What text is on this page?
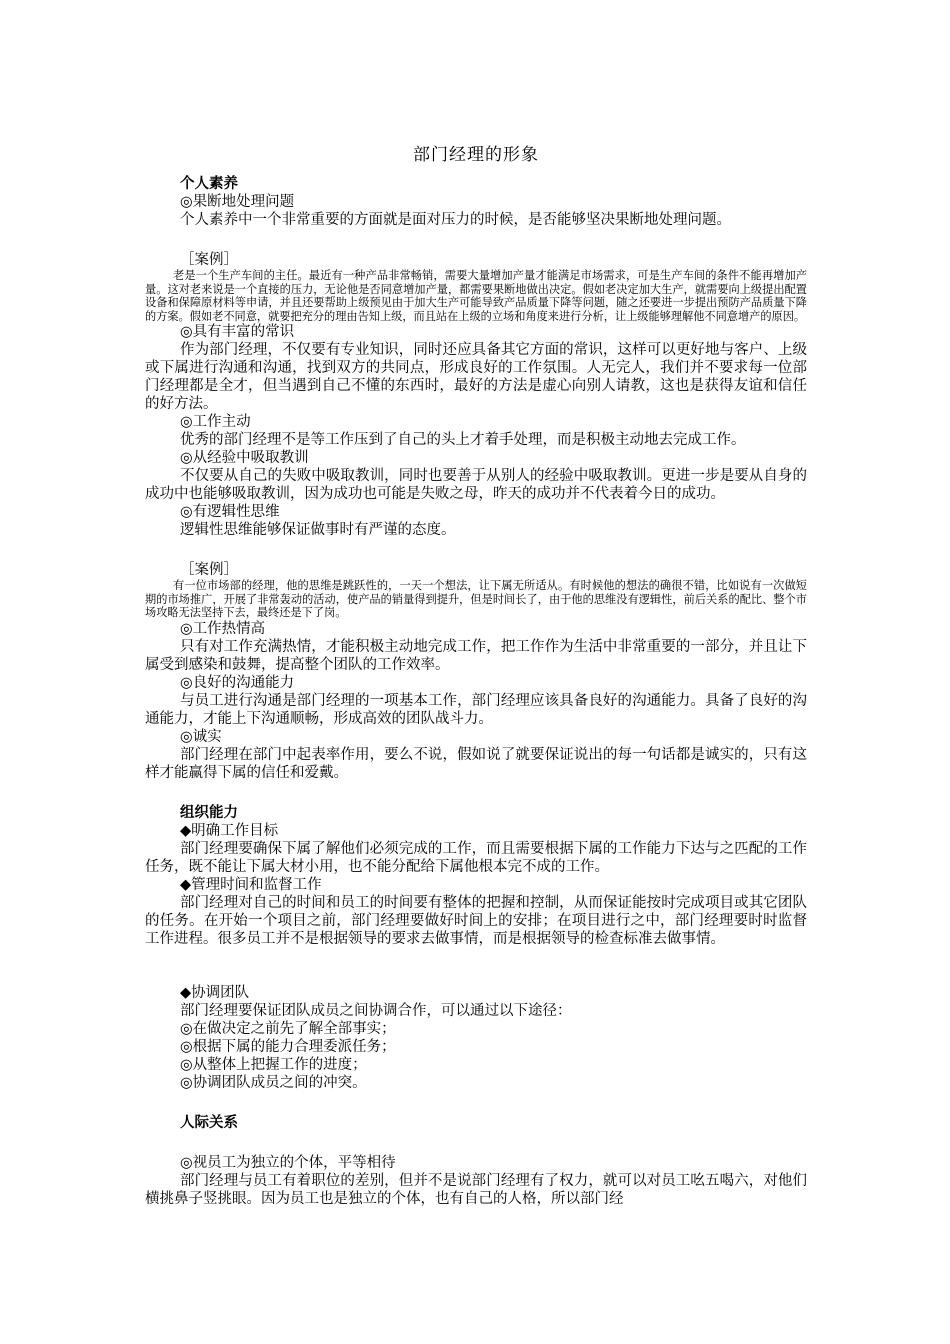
部门经理的形象
个人素养
◎果断地处理问题
个人素养中一个非常重要的方面就是面对压力的时候，是否能够坚决果断地处理问题。
［案例］
老是一个生产车间的主任。最近有一种产品非常畅销，需要大量增加产量才能满足市场需求，可是生产车间的条件不能再增加产量。这对老来说是一个直接的压力，无论他是否同意增加产量，都需要果断地做出决定。假如老决定加大生产，就需要向上级提出配置设备和保障原材料等申请，并且还要帮助上级预见由于加大生产可能导致产品质量下降等问题，随之还要进一步提出预防产品质量下降的方案。假如老不同意，就要把充分的理由告知上级，而且站在上级的立场和角度来进行分析，让上级能够理解他不同意增产的原因。
◎具有丰富的常识
作为部门经理，不仅要有专业知识，同时还应具备其它方面的常识，这样可以更好地与客户、上级或下属进行沟通和沟通，找到双方的共同点，形成良好的工作氛围。人无完人，我们并不要求每一位部门经理都是全才，但当遇到自己不懂的东西时，最好的方法是虚心向别人请教，这也是获得友谊和信任的好方法。
◎工作主动
优秀的部门经理不是等工作压到了自己的头上才着手处理，而是积极主动地去完成工作。
◎从经验中吸取教训
不仅要从自己的失败中吸取教训，同时也要善于从别人的经验中吸取教训。更进一步是要从自身的成功中也能够吸取教训，因为成功也可能是失败之母，昨天的成功并不代表着今日的成功。
◎有逻辑性思维
逻辑性思维能够保证做事时有严谨的态度。
［案例］
有一位市场部的经理，他的思维是跳跃性的，一天一个想法，让下属无所适从。有时候他的想法的确很不错，比如说有一次做短期的市场推广，开展了非常轰动的活动，使产品的销量得到提升，但是时间长了，由于他的思维没有逻辑性，前后关系的配比、整个市场攻略无法坚持下去，最终还是下了岗。
◎工作热情高
只有对工作充满热情，才能积极主动地完成工作，把工作作为生活中非常重要的一部分，并且让下属受到感染和鼓舞，提高整个团队的工作效率。
◎良好的沟通能力
与员工进行沟通是部门经理的一项基本工作，部门经理应该具备良好的沟通能力。具备了良好的沟通能力，才能上下沟通顺畅，形成高效的团队战斗力。
◎诚实
部门经理在部门中起表率作用，要么不说，假如说了就要保证说出的每一句话都是诚实的，只有这样才能赢得下属的信任和爱戴。
组织能力
◆明确工作目标
部门经理要确保下属了解他们必须完成的工作，而且需要根据下属的工作能力下达与之匹配的工作任务，既不能让下属大材小用，也不能分配给下属他根本完不成的工作。
◆管理时间和监督工作
部门经理对自己的时间和员工的时间要有整体的把握和控制，从而保证能按时完成项目或其它团队的任务。在开始一个项目之前，部门经理要做好时间上的安排；在项目进行之中，部门经理要时时监督工作进程。很多员工并不是根据领导的要求去做事情，而是根据领导的检查标准去做事情。
◆协调团队
部门经理要保证团队成员之间协调合作，可以通过以下途径：
◎在做决定之前先了解全部事实；
◎根据下属的能力合理委派任务；
◎从整体上把握工作的进度；
◎协调团队成员之间的冲突。
人际关系
◎视员工为独立的个体，平等相待
部门经理与员工有着职位的差别，但并不是说部门经理有了权力，就可以对员工吆五喝六，对他们横挑鼻子竖挑眼。因为员工也是独立的个体，也有自己的人格，所以部门经
